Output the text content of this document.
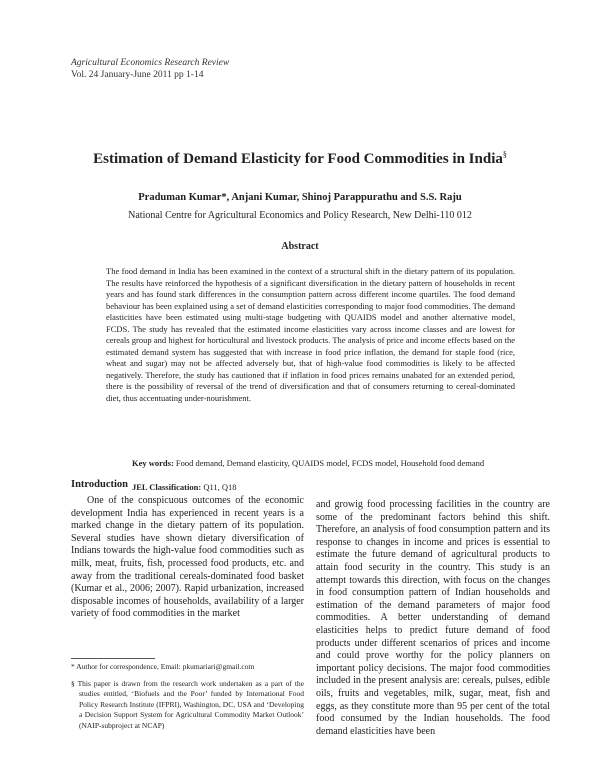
Agricultural Economics Research Review
Vol. 24 January-June 2011 pp 1-14
Estimation of Demand Elasticity for Food Commodities in India§
Praduman Kumar*, Anjani Kumar, Shinoj Parappurathu and S.S. Raju
National Centre for Agricultural Economics and Policy Research, New Delhi-110 012
Abstract
The food demand in India has been examined in the context of a structural shift in the dietary pattern of its population. The results have reinforced the hypothesis of a significant diversification in the dietary pattern of households in recent years and has found stark differences in the consumption pattern across different income quartiles. The food demand behaviour has been explained using a set of demand elasticities corresponding to major food commodities. The demand elasticities have been estimated using multi-stage budgeting with QUAIDS model and another alternative model, FCDS. The study has revealed that the estimated income elasticities vary across income classes and are lowest for cereals group and highest for horticultural and livestock products. The analysis of price and income effects based on the estimated demand system has suggested that with increase in food price inflation, the demand for staple food (rice, wheat and sugar) may not be affected adversely but, that of high-value food commodities is likely to be affected negatively. Therefore, the study has cautioned that if inflation in food prices remains unabated for an extended period, there is the possibility of reversal of the trend of diversification and that of consumers returning to cereal-dominated diet, thus accentuating under-nourishment.
Key words: Food demand, Demand elasticity, QUAIDS model, FCDS model, Household food demand
JEL Classification: Q11, Q18
Introduction

One of the conspicuous outcomes of the economic development India has experienced in recent years is a marked change in the dietary pattern of its population. Several studies have shown dietary diversification of Indians towards the high-value food commodities such as milk, meat, fruits, fish, processed food products, etc. and away from the traditional cereals-dominated food basket (Kumar et al., 2006; 2007). Rapid urbanization, increased disposable incomes of households, availability of a larger variety of food commodities in the market

and growig food processing facilities in the country are some of the predominant factors behind this shift. Therefore, an analysis of food consumption pattern and its response to changes in income and prices is essential to estimate the future demand of agricultural products to attain food security in the country. This study is an attempt towards this direction, with focus on the changes in food consumption pattern of Indian households and estimation of the demand parameters of major food commodities. A better understanding of demand elasticities helps to predict future demand of food products under different scenarios of prices and income and could prove worthy for the policy planners on important policy decisions. The major food commodities included in the present analysis are: cereals, pulses, edible oils, fruits and vegetables, milk, sugar, meat, fish and eggs, as they constitute more than 95 per cent of the total food consumed by the Indian households. The food demand elasticities have been

* Author for correspondence, Email: pkumariari@gmail.com

§ This paper is drawn from the research work undertaken as a part of the studies entitled, ‘Biofuels and the Poor’ funded by International Food Policy Research Institute (IFPRI), Washington, DC, USA and ‘Developing a Decision Support System for Agricultural Commodity Market Outlook’ (NAIP-subproject at NCAP)
